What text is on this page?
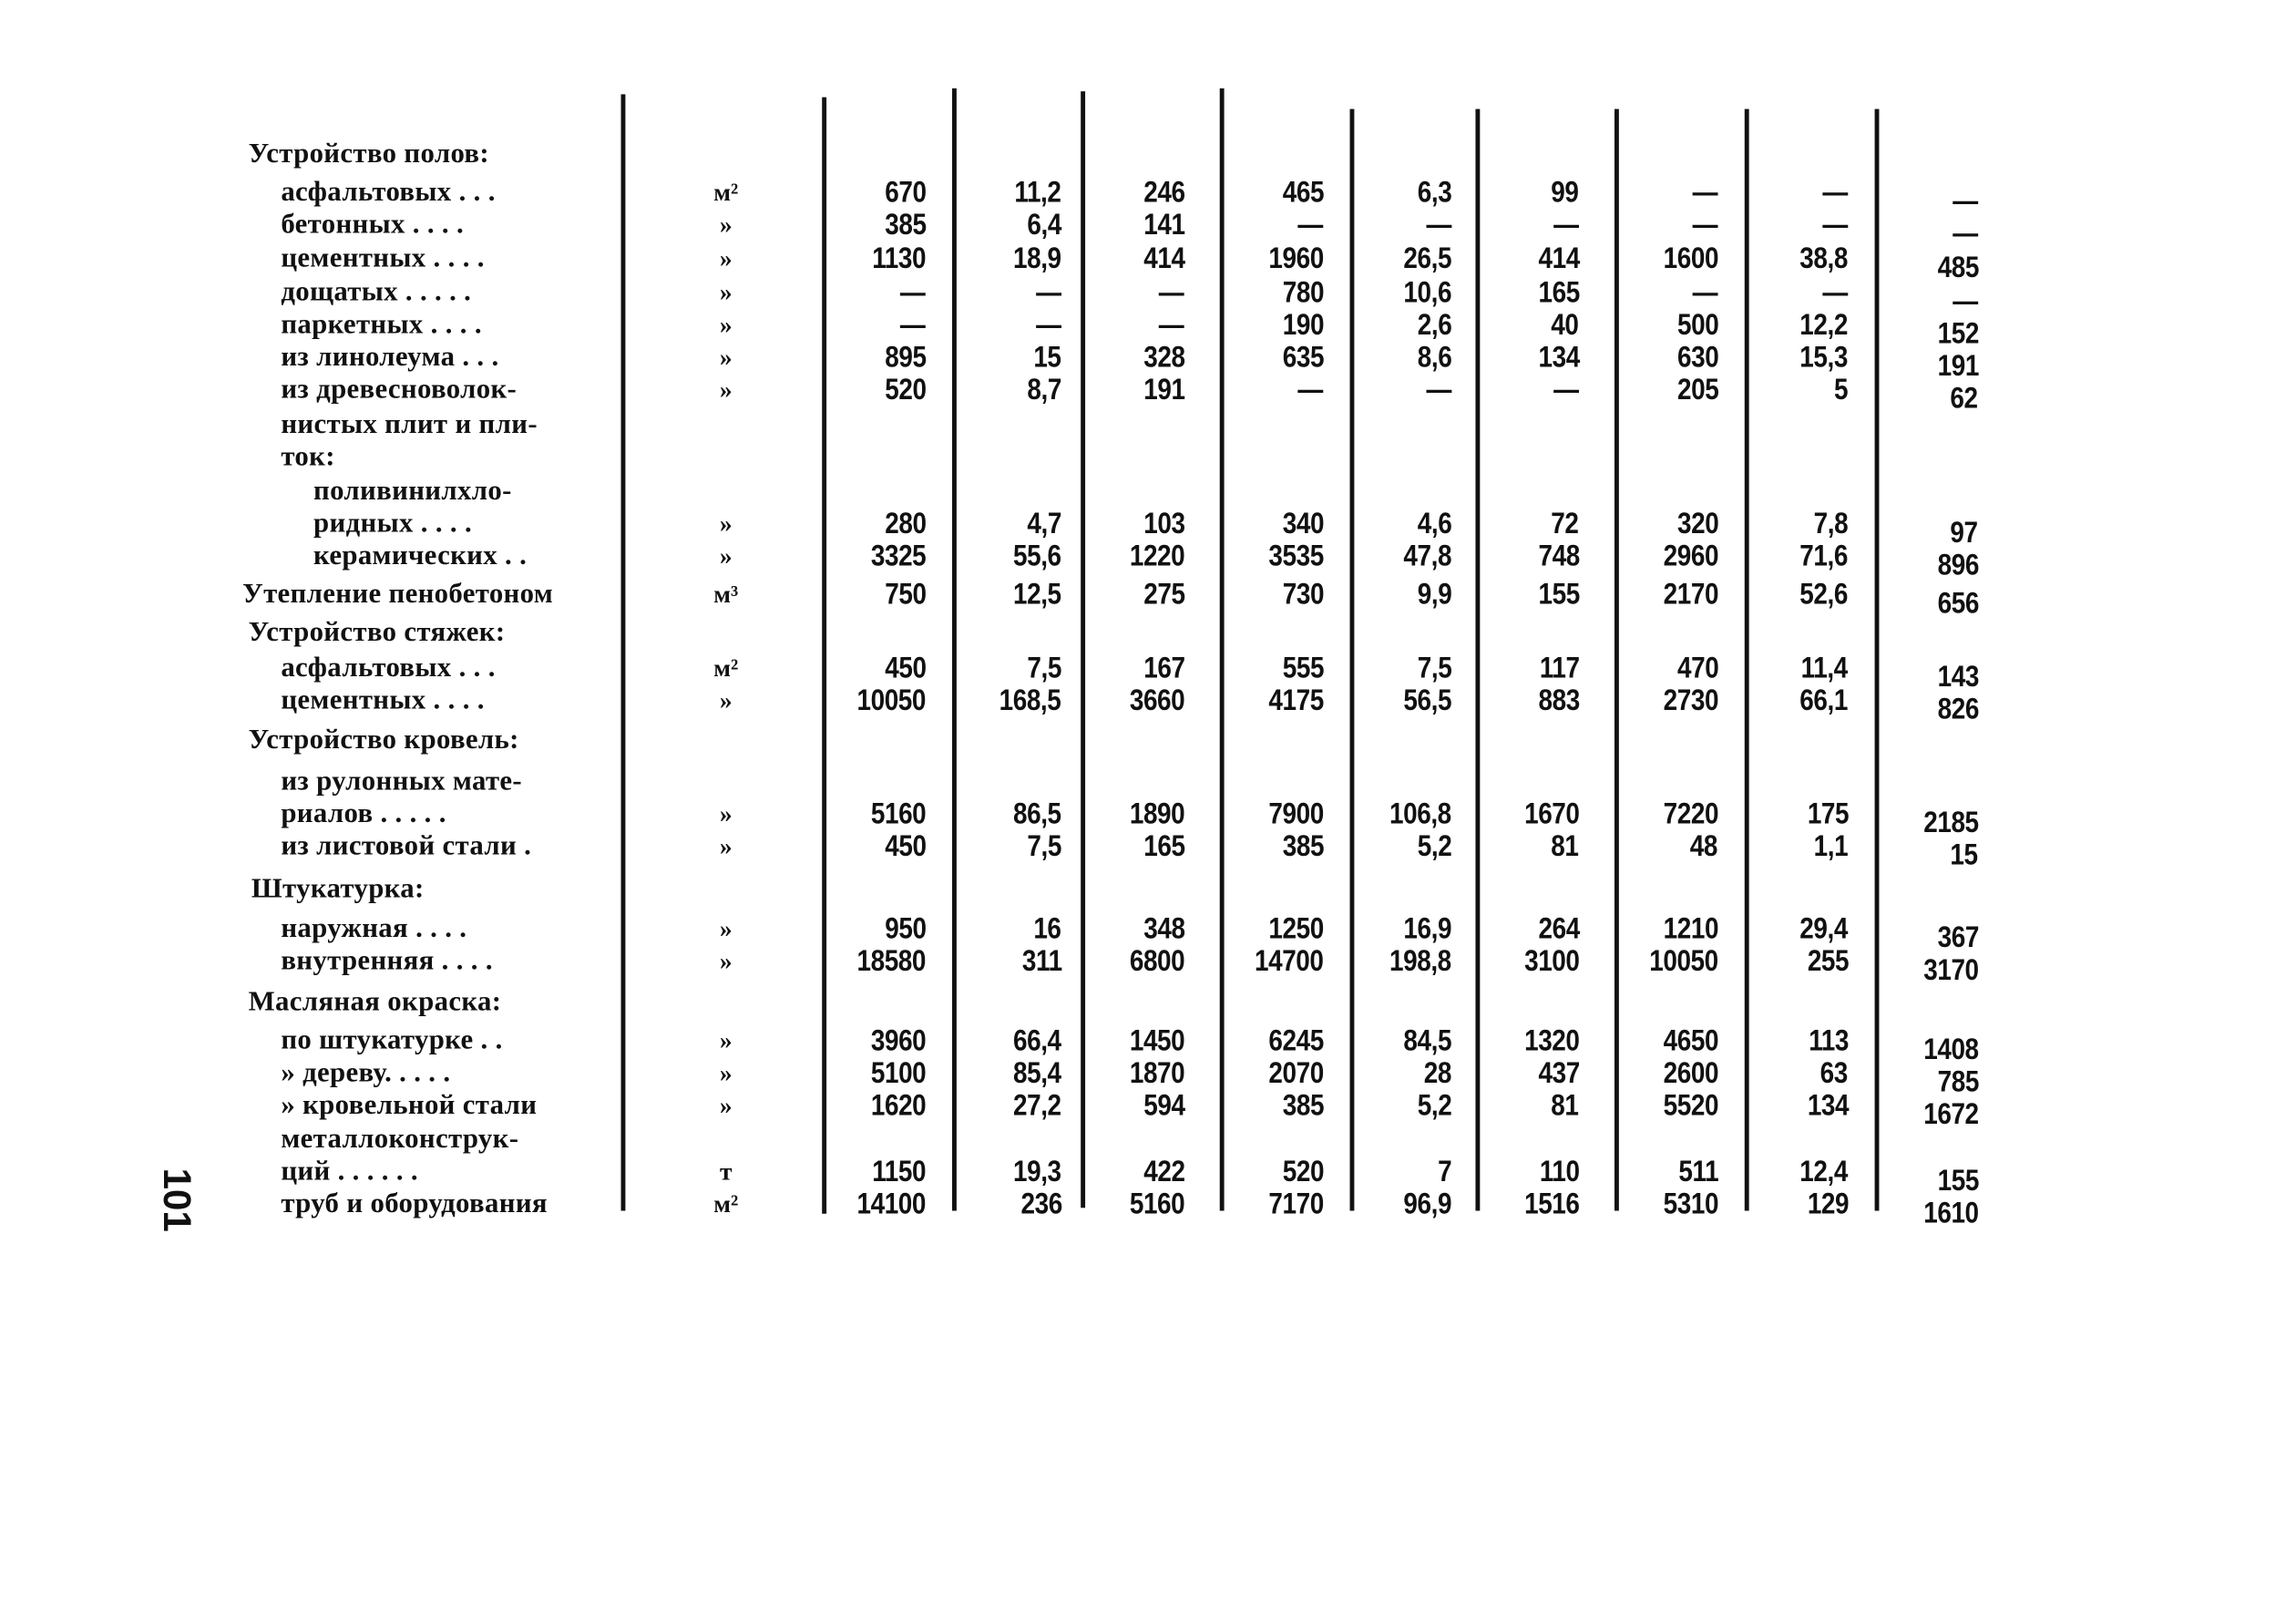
101
Устройство полов:
асфальтовых . . .	м²	670	11,2	246	465	6,3	99	—	—	—
бетонных . . . .	»	385	6,4	141	—	—	—	—	—	—
цементных . . . .	»	1130	18,9	414	1960	26,5	414	1600	38,8	485
дощатых . . . . .	»	—	—	—	780	10,6	165	—	—	—
паркетных . . . .	»	—	—	—	190	2,6	40	500	12,2	152
из линолеума . . .	»	895	15	328	635	8,6	134	630	15,3	191
из древесноволок-	»	520	8,7	191	—	—	—	205	5	62
нистых плит и пли-
ток:
поливинилхло-
ридных . . . .	»	280	4,7	103	340	4,6	72	320	7,8	97
керамических . .	»	3325	55,6	1220	3535	47,8	748	2960	71,6	896
Утепление пенобетоном	м³	750	12,5	275	730	9,9	155	2170	52,6	656
Устройство стяжек:
асфальтовых . . .	м²	450	7,5	167	555	7,5	117	470	11,4	143
цементных . . . .	»	10050	168,5	3660	4175	56,5	883	2730	66,1	826
Устройство кровель:
из рулонных мате-
риалов . . . . .	»	5160	86,5	1890	7900	106,8	1670	7220	175	2185
из листовой стали .	»	450	7,5	165	385	5,2	81	48	1,1	15
Штукатурка:
наружная . . . .	»	950	16	348	1250	16,9	264	1210	29,4	367
внутренняя . . . .	»	18580	311	6800	14700	198,8	3100	10050	255	3170
Масляная окраска:
по штукатурке . .	»	3960	66,4	1450	6245	84,5	1320	4650	113	1408
» дереву. . . . .	»	5100	85,4	1870	2070	28	437	2600	63	785
» кровельной стали	»	1620	27,2	594	385	5,2	81	5520	134	1672
металлоконструк-
ций . . . . . .	т	1150	19,3	422	520	7	110	511	12,4	155
труб и оборудования	м²	14100	236	5160	7170	96,9	1516	5310	129	1610
